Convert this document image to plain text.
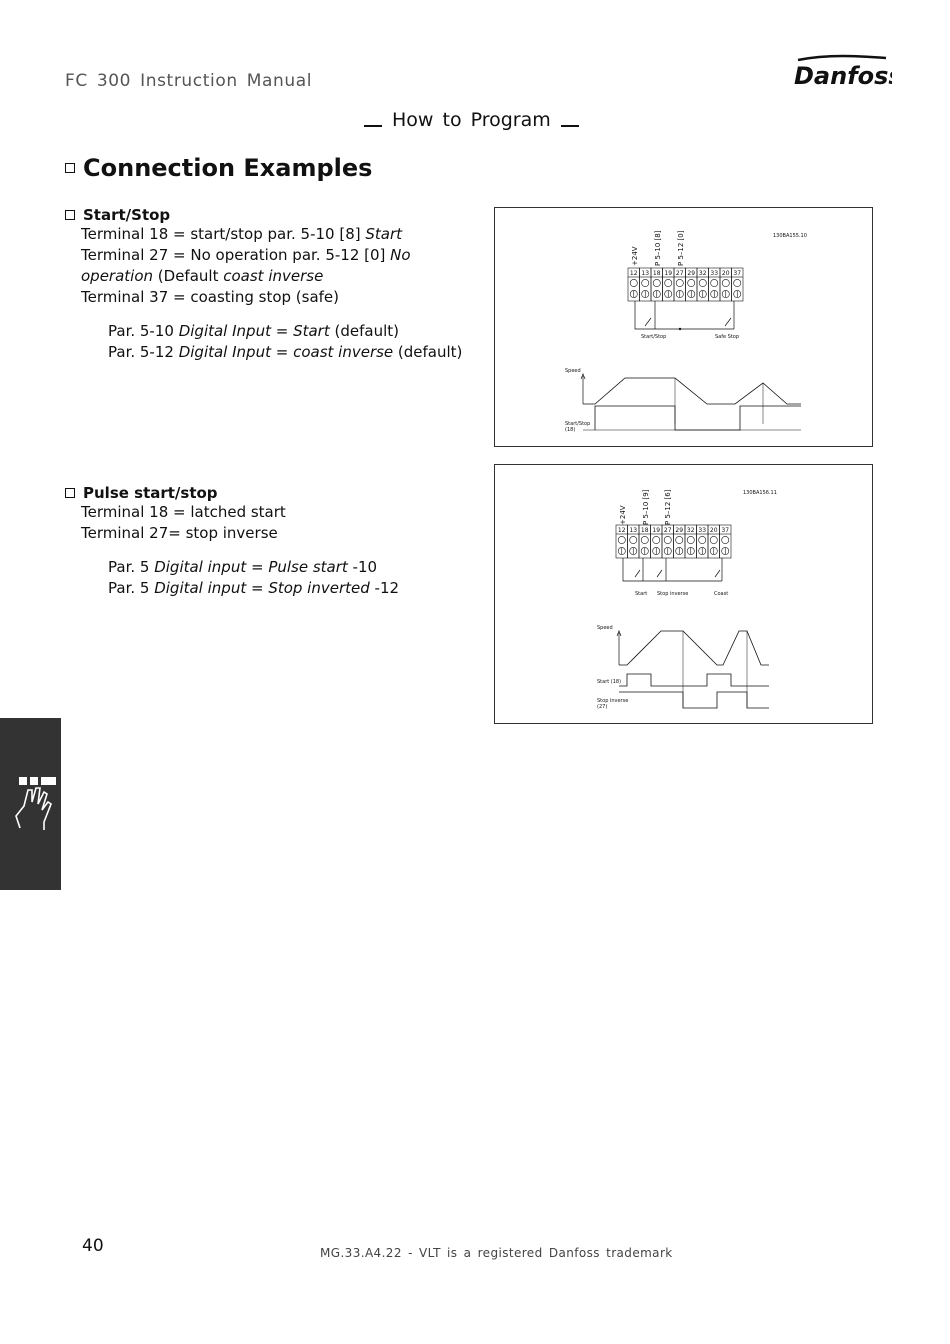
FC 300 Instruction Manual	Danfoss
How to Program
Connection Examples
Start/Stop
Terminal 18 = start/stop par. 5-10 [8] Start
Terminal 27 = No operation par. 5-12 [0] No
operation (Default coast inverse
Terminal 37 = coasting stop (safe)
Par. 5-10 Digital Input = Start (default)
Par. 5-12 Digital Input = coast inverse (default)
130BA155.10
+24V P 5–10 [8] P 5–12 [0]
12 13 18 19 27 29 32 33 20 37
Start/Stop	Safe Stop
Speed
Start/Stop
(18)
Pulse start/stop
Terminal 18 = latched start
Terminal 27= stop inverse
Par. 5 Digital input = Pulse start -10
Par. 5 Digital input = Stop inverted -12
130BA156.11
+24V P 5–10 [9] P 5–12 [6]
12 13 18 19 27 29 32 33 20 37
Start Stop inverse	Coast
Speed
Start (18)
Stop inverse
(27)
40	MG.33.A4.22 - VLT is a registered Danfoss trademark
